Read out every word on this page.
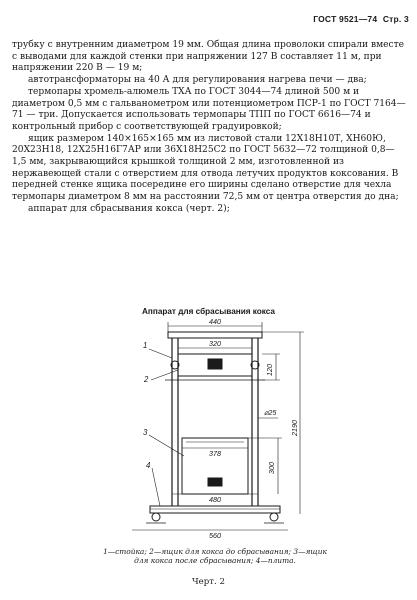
ГОСТ 9521—74 Стр. 3

трубку с внутренним диаметром 19 мм. Общая длина проволоки спирали вместе с выводами для каждой стенки при напряжении 127 В составляет 11 м, при напряжении 220 В — 19 м;

автотрансформаторы на 40 А для регулирования нагрева печи — два;

термопары хромель-алюмель ТХА по ГОСТ 3044—74 длиной 500 м и диаметром 0,5 мм с гальванометром или потенциометром ПСР-1 по ГОСТ 7164—71 — три. Допускается использовать термопары ТПП по ГОСТ 6616—74 и контрольный прибор с соответствующей градуировкой;

ящик размером 140×165×165 мм из листовой стали 12Х18Н10Т, ХН60Ю, 20Х23Н18, 12Х25Н16Г7АР или 36Х18Н25С2 по ГОСТ 5632—72 толщиной 0,8—1,5 мм, закрывающийся крышкой толщиной 2 мм, изготовленной из нержавеющей стали с отверстием для отвода летучих продуктов коксования. В передней стенке ящика посередине его ширины сделано отверстие для чехла термопары диаметром 8 мм на расстоянии 72,5 мм от центра отверстия до дна;

аппарат для сбрасывания кокса (черт. 2);

Аппарат для сбрасывания кокса
440
320
120
⌀25
2190
378
300
480
560
1
2
3
4
1—стойка; 2—ящик для кокса до сбрасывания; 3—ящик для кокса после сбрасывания; 4—плита.
Черт. 2
